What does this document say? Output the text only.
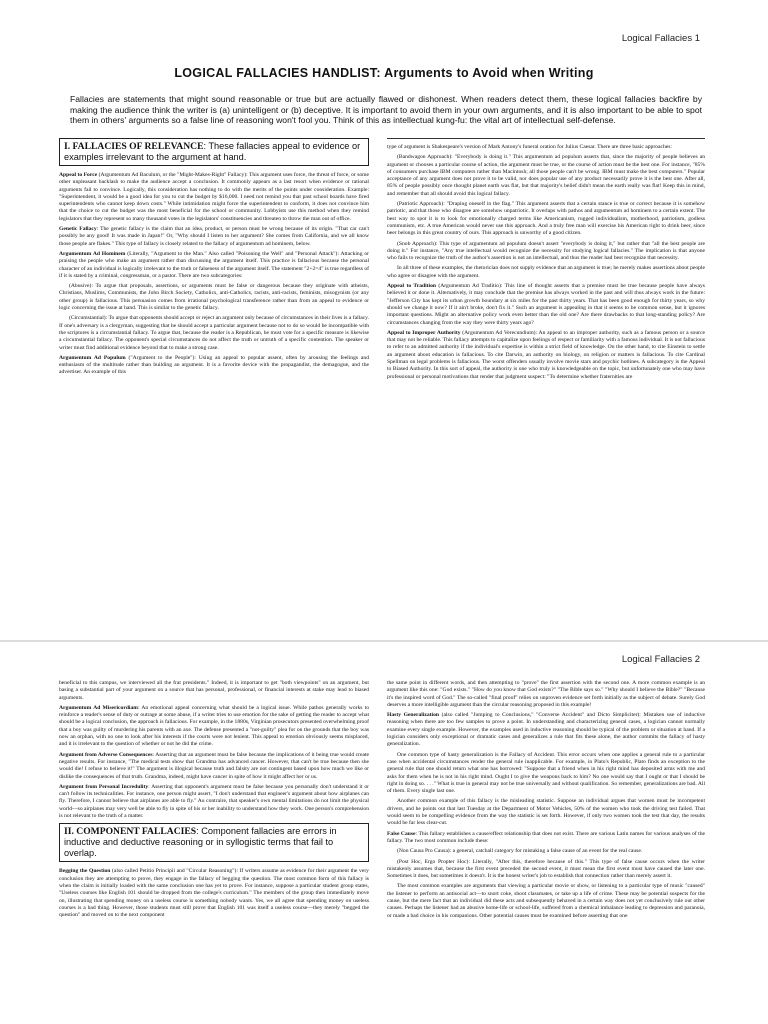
Logical Fallacies 1
LOGICAL FALLACIES HANDLIST: Arguments to Avoid when Writing
Fallacies are statements that might sound reasonable or true but are actually flawed or dishonest. When readers detect them, these logical fallacies backfire by making the audience think the writer is (a) unintelligent or (b) deceptive. It is important to avoid them in your own arguments, and it is also important to be able to spot them in others' arguments so a false line of reasoning won't fool you. Think of this as intellectual kung-fu: the vital art of intellectual self-defense.
I. FALLACIES OF RELEVANCE: These fallacies appeal to evidence or examples irrelevant to the argument at hand.

Appeal to Force (Argumentum Ad Baculum, or the "Might-Makes-Right" Fallacy): This argument uses force, the threat of force, or some other unpleasant backlash to make the audience accept a conclusion. It commonly appears as a last resort when evidence or rational arguments fail to convince. Logically, this consideration has nothing to do with the merits of the points under consideration. Example: "Superintendent, it would be a good idea for you to cut the budget by $16,000. I need not remind you that past school boards have fired superintendents who cannot keep down costs." While intimidation might force the superintendent to conform, it does not convince him that the choice to cut the budget was the most beneficial for the school or community. Lobbyists use this method when they remind legislators that they represent so many thousand votes in the legislators' constituencies and threaten to throw the man out of office.

Genetic Fallacy: The genetic fallacy is the claim that an idea, product, or person must be wrong because of its origin. "That car can't possibly be any good! It was made in Japan!" Or, "Why should I listen to her argument? She comes from California, and we all know those people are flakes." This type of fallacy is closely related to the fallacy of argumentum ad hominem, below.

Argumentum Ad Hominem (Literally, "Argument to the Man." Also called "Poisoning the Well" and "Personal Attack"): Attacking or praising the people who make an argument rather than discussing the argument itself. This practice is fallacious because the personal character of an individual is logically irrelevant to the truth or falseness of the argument itself. The statement "2+2=4" is true regardless of if it is stated by a criminal, congressman, or a pastor. There are two subcategories:

(Abusive): To argue that proposals, assertions, or arguments must be false or dangerous because they originate with atheists, Christians, Muslims, Communists, the John Birch Society, Catholics, anti-Catholics, racists, anti-racists, feminists, misogynists (or any other group) is fallacious. This persuasion comes from irrational psychological transference rather than from an appeal to evidence or logic concerning the issue at hand. This is similar to the genetic fallacy.

(Circumstantial): To argue that opponents should accept or reject an argument only because of circumstances in their lives is a fallacy. If one's adversary is a clergyman, suggesting that he should accept a particular argument because not to do so would be incompatible with the scriptures is a circumstantial fallacy. To argue that, because the reader is a Republican, he must vote for a specific measure is likewise a circumstantial fallacy. The opponent's special circumstances do not affect the truth or untruth of a specific contention. The speaker or writer must find additional evidence beyond that to make a strong case.

Argumentum Ad Populum ("Argument to the People"): Using an appeal to popular assent, often by arousing the feelings and enthusiasm of the multitude rather than building an argument. It is a favorite device with the propagandist, the demagogue, and the advertiser. An example of this

type of argument is Shakespeare's version of Mark Antony's funeral oration for Julius Caesar. There are three basic approaches:

(Bandwagon Approach): "Everybody is doing it." This argumentum ad populum asserts that, since the majority of people believes an argument or chooses a particular course of action, the argument must be true, or the course of action must be the best one. For instance, "85% of consumers purchase IBM computers rather than Macintosh; all those people can't be wrong. IBM must make the best computers." Popular acceptance of any argument does not prove it to be valid, nor does popular use of any product necessarily prove it is the best one. After all, 85% of people possibly once thought planet earth was flat, but that majority's belief didn't mean the earth really was flat! Keep this in mind, and remember that all should avoid this logical fallacy.

(Patriotic Approach): "Draping oneself in the flag." This argument asserts that a certain stance is true or correct because it is somehow patriotic, and that those who disagree are somehow unpatriotic. It overlaps with pathos and argumentum ad hominem to a certain extent. The best way to spot it is to look for emotionally charged terms like Americanism, rugged individualism, motherhood, patriotism, godless communism, etc. A true American would never use this approach. And a truly free man will exercise his American right to drink beer, since beer belongs in this great country of ours. This approach is unworthy of a good citizen.

(Snob Approach): This type of argumentum ad populum doesn't assert "everybody is doing it," but rather that "all the best people are doing it." For instance, "Any true intellectual would recognize the necessity for studying logical fallacies." The implication is that anyone who fails to recognize the truth of the author's assertion is not an intellectual, and thus the reader had best recognize that necessity.

In all three of these examples, the rhetorician does not supply evidence that an argument is true; he merely makes assertions about people who agree or disagree with the argument.

Appeal to Tradition (Argumentum Ad Traditio): This line of thought asserts that a premise must be true because people have always believed it or done it. Alternatively, it may conclude that the premise has always worked in the past and will thus always work in the future: "Jefferson City has kept its urban growth boundary at six miles for the past thirty years. That has been good enough for thirty years, so why should we change it now? If it ain't broke, don't fix it." Such an argument is appealing in that it seems to be common sense, but it ignores important questions. Might an alternative policy work even better than the old one? Are there drawbacks to that long-standing policy? Are circumstances changing from the way they were thirty years ago?

Appeal to Improper Authority (Argumentum Ad Verecundium): An appeal to an improper authority, such as a famous person or a source that may not be reliable. This fallacy attempts to capitalize upon feelings of respect or familiarity with a famous individual. It is not fallacious to refer to an admitted authority if the individual's expertise is within a strict field of knowledge. On the other hand, to cite Einstein to settle an argument about education is fallacious. To cite Darwin, an authority on biology, on religion or matters is fallacious. To cite Cardinal Spellman on legal problems is fallacious. The worst offenders usually involve movie stars and psychic hotlines. A subcategory is the Appeal to Biased Authority. In this sort of appeal, the authority is one who truly is knowledgeable on the topic, but unfortunately one who may have professional or personal motivations that render that judgment suspect: "To determine whether fraternities are

Logical Fallacies 2

beneficial to this campus, we interviewed all the frat presidents." Indeed, it is important to get "both viewpoints" on an argument, but basing a substantial part of your argument on a source that has personal, professional, or financial interests at stake may lead to biased arguments.

Argumentum Ad Misericordiam: An emotional appeal concerning what should be a logical issue. While pathos generally works to reinforce a reader's sense of duty or outrage at some abuse, if a writer tries to use emotion for the sake of getting the reader to accept what should be a logical conclusion, the approach is fallacious. For example, in the 1880s, Virginian prosecutors presented overwhelming proof that a boy was guilty of murdering his parents with an axe. The defense presented a "not-guilty" plea for on the grounds that the boy was now an orphan, with no one to look after his interests if the courts were not lenient. This appeal to emotion obviously seems misplaced, and it is irrelevant to the question of whether or not he did the crime.

Argument from Adverse Consequences: Asserting that an argument must be false because the implications of it being true would create negative results. For instance, "The medical tests show that Grandma has advanced cancer. However, that can't be true because then she would die! I refuse to believe it!" The argument is illogical because truth and falsity are not contingent based upon how much we like or dislike the consequences of that truth. Grandma, indeed, might have cancer in spite of how it might affect her or us.

Argument from Personal Incredulity: Asserting that opponent's argument must be false because you personally don't understand it or can't follow its technicalities. For instance, one person might assert, "I don't understand that engineer's argument about how airplanes can fly. Therefore, I cannot believe that airplanes are able to fly." Au contraire, that speaker's own mental limitations do not limit the physical world—so airplanes may very well be able to fly in spite of his or her inability to understand how they work. One person's comprehension is not relevant to the truth of a matter.

II. COMPONENT FALLACIES: Component fallacies are errors in inductive and deductive reasoning or in syllogistic terms that fail to overlap.

Begging the Question (also called Petitio Principii and "Circular Reasoning"): If writers assume as evidence for their argument the very conclusion they are attempting to prove, they engage in the fallacy of begging the question. The most common form of this fallacy is when the claim is initially loaded with the same conclusion one has yet to prove. For instance, suppose a particular student group states, "Useless courses like English 101 should be dropped from the college's curriculum." The members of the group then immediately move on, illustrating that spending money on a useless course is something nobody wants. Yes, we all agree that spending money on useless courses is a bad thing. However, those students must still prove that English 101 was itself a useless course—they merely "begged the question" and moved on to the next component

the same point in different words, and then attempting to "prove" the first assertion with the second one. A more common example is an argument like this one: "God exists." "How do you know that God exists?" "The Bible says so." "Why should I believe the Bible?" "Because it's the inspired word of God." The so-called "final proof" relies on unproven evidence set forth initially as the subject of debate. Surely God deserves a more intelligible argument than the circular reasoning proposed in this example!

Hasty Generalization (also called "Jumping to Conclusions," "Converse Accident" and Dicto Simpliciter): Mistaken use of inductive reasoning when there are too few samples to prove a point. In understanding and characterizing general cases, a logician cannot normally examine every single example. However, the examples used in inductive reasoning should be typical of the problem or situation at hand. If a logician considers only exceptional or dramatic cases and generalizes a rule that fits these alone, the author commits the fallacy of hasty generalization.

One common type of hasty generalization is the Fallacy of Accident. This error occurs when one applies a general rule to a particular case when accidental circumstances render the general rule inapplicable. For example, in Plato's Republic, Plato finds an exception to the general rule that one should return what one has borrowed: "Suppose that a friend when in his right mind has deposited arms with me and asks for them when he is not in his right mind. Ought I to give the weapons back to him? No one would say that I ought or that I should be right in doing so. . . ." What is true in general may not be true universally and without qualification. So remember, generalizations are bad. All of them. Every single last one.

Another common example of this fallacy is the misleading statistic. Suppose an individual argues that women must be incompetent drivers, and he points out that last Tuesday at the Department of Motor Vehicles, 50% of the women who took the driving test failed. That would seem to be compelling evidence from the way the statistic is set forth. However, if only two women took the test that day, the results would be far less clear-cut.

False Cause: This fallacy establishes a cause/effect relationship that does not exist. There are various Latin names for various analyses of the fallacy. The two most common include these:

(Non Causa Pro Causa): a general, catchall category for mistaking a false cause of an event for the real cause.

(Post Hoc, Ergo Propter Hoc): Literally, "After this, therefore because of this." This type of false cause occurs when the writer mistakenly assumes that, because the first event preceded the second event, it must mean the first event must have caused the later one. Sometimes it does, but sometimes it doesn't. It is the honest writer's job to establish that connection rather than merely assert it.

The most common examples are arguments that viewing a particular movie or show, or listening to a particular type of music "caused" the listener to perform an antisocial act—to snort coke, shoot classmates, or take up a life of crime. These may be potential suspects for the cause, but the mere fact that an individual did these acts and subsequently behaved in a certain way does not yet conclusively rule out other causes. Perhaps the listener had an abusive home-life or school-life, suffered from a chemical imbalance leading to depression and paranoia, or made a bad choice in his companions. Other potential causes must be examined before asserting that one
